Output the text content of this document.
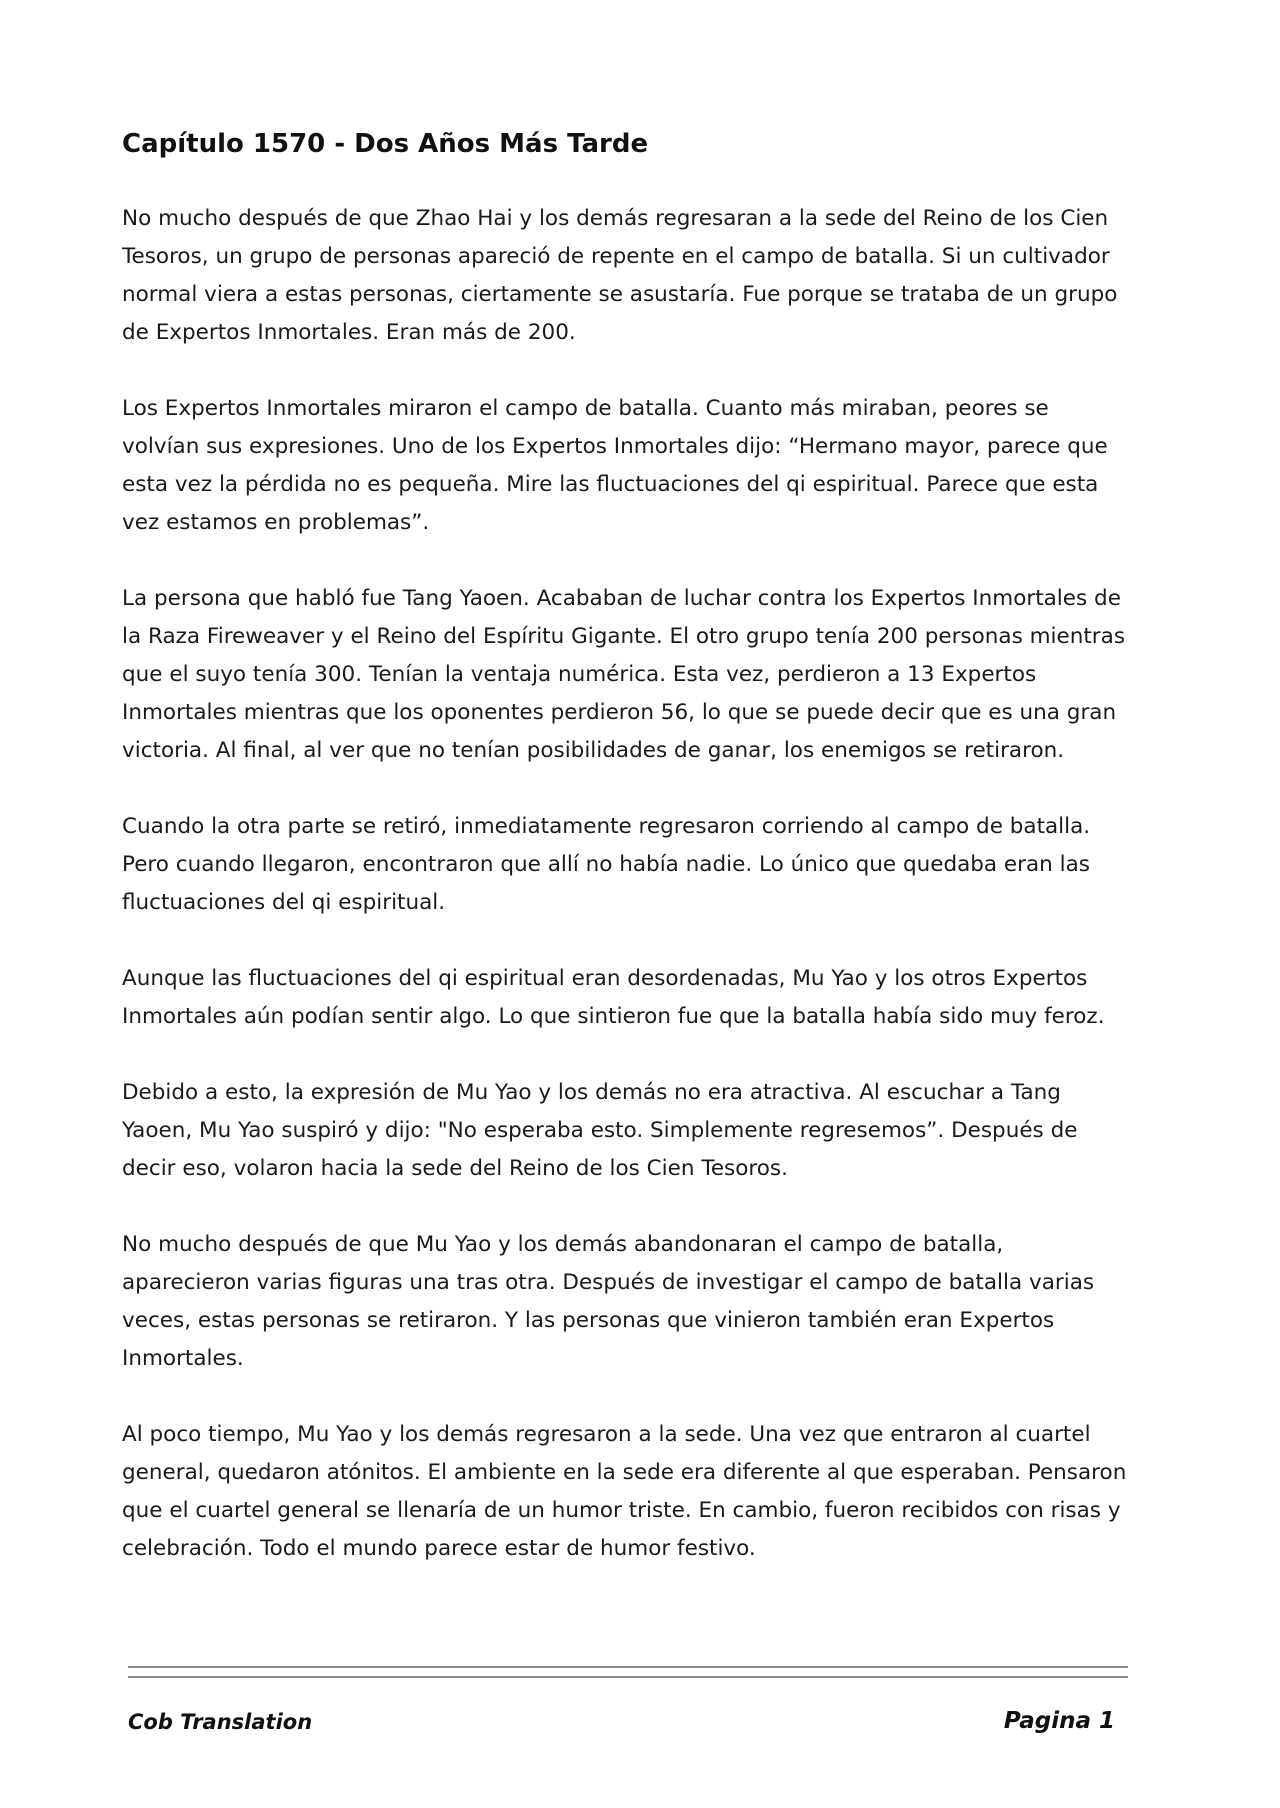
Capítulo 1570 - Dos Años Más Tarde

No mucho después de que Zhao Hai y los demás regresaran a la sede del Reino de los Cien Tesoros, un grupo de personas apareció de repente en el campo de batalla. Si un cultivador normal viera a estas personas, ciertamente se asustaría. Fue porque se trataba de un grupo de Expertos Inmortales. Eran más de 200.

Los Expertos Inmortales miraron el campo de batalla. Cuanto más miraban, peores se volvían sus expresiones. Uno de los Expertos Inmortales dijo: “Hermano mayor, parece que esta vez la pérdida no es pequeña. Mire las fluctuaciones del qi espiritual. Parece que esta vez estamos en problemas”.

La persona que habló fue Tang Yaoen. Acababan de luchar contra los Expertos Inmortales de la Raza Fireweaver y el Reino del Espíritu Gigante. El otro grupo tenía 200 personas mientras que el suyo tenía 300. Tenían la ventaja numérica. Esta vez, perdieron a 13 Expertos Inmortales mientras que los oponentes perdieron 56, lo que se puede decir que es una gran victoria. Al final, al ver que no tenían posibilidades de ganar, los enemigos se retiraron.

Cuando la otra parte se retiró, inmediatamente regresaron corriendo al campo de batalla. Pero cuando llegaron, encontraron que allí no había nadie. Lo único que quedaba eran las fluctuaciones del qi espiritual.

Aunque las fluctuaciones del qi espiritual eran desordenadas, Mu Yao y los otros Expertos Inmortales aún podían sentir algo. Lo que sintieron fue que la batalla había sido muy feroz.

Debido a esto, la expresión de Mu Yao y los demás no era atractiva. Al escuchar a Tang Yaoen, Mu Yao suspiró y dijo: "No esperaba esto. Simplemente regresemos”. Después de decir eso, volaron hacia la sede del Reino de los Cien Tesoros.

No mucho después de que Mu Yao y los demás abandonaran el campo de batalla, aparecieron varias figuras una tras otra. Después de investigar el campo de batalla varias veces, estas personas se retiraron. Y las personas que vinieron también eran Expertos Inmortales.

Al poco tiempo, Mu Yao y los demás regresaron a la sede. Una vez que entraron al cuartel general, quedaron atónitos. El ambiente en la sede era diferente al que esperaban. Pensaron que el cuartel general se llenaría de un humor triste. En cambio, fueron recibidos con risas y celebración. Todo el mundo parece estar de humor festivo.

Cob Translation	Pagina 1
